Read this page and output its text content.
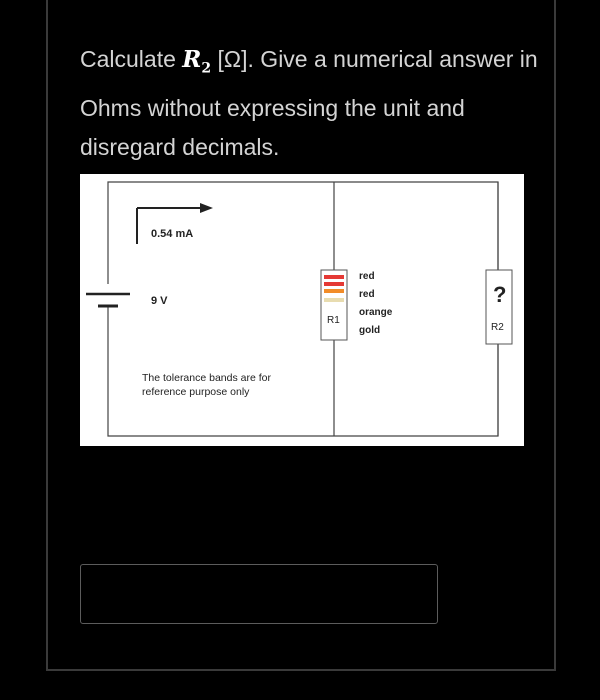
Calculate $R_2$ [Ω]. Give a numerical answer in Ohms without expressing the unit and disregard decimals.

0.54 mA
9 V
R1
red
red
orange
gold
?
R2
The tolerance bands are for
reference purpose only
